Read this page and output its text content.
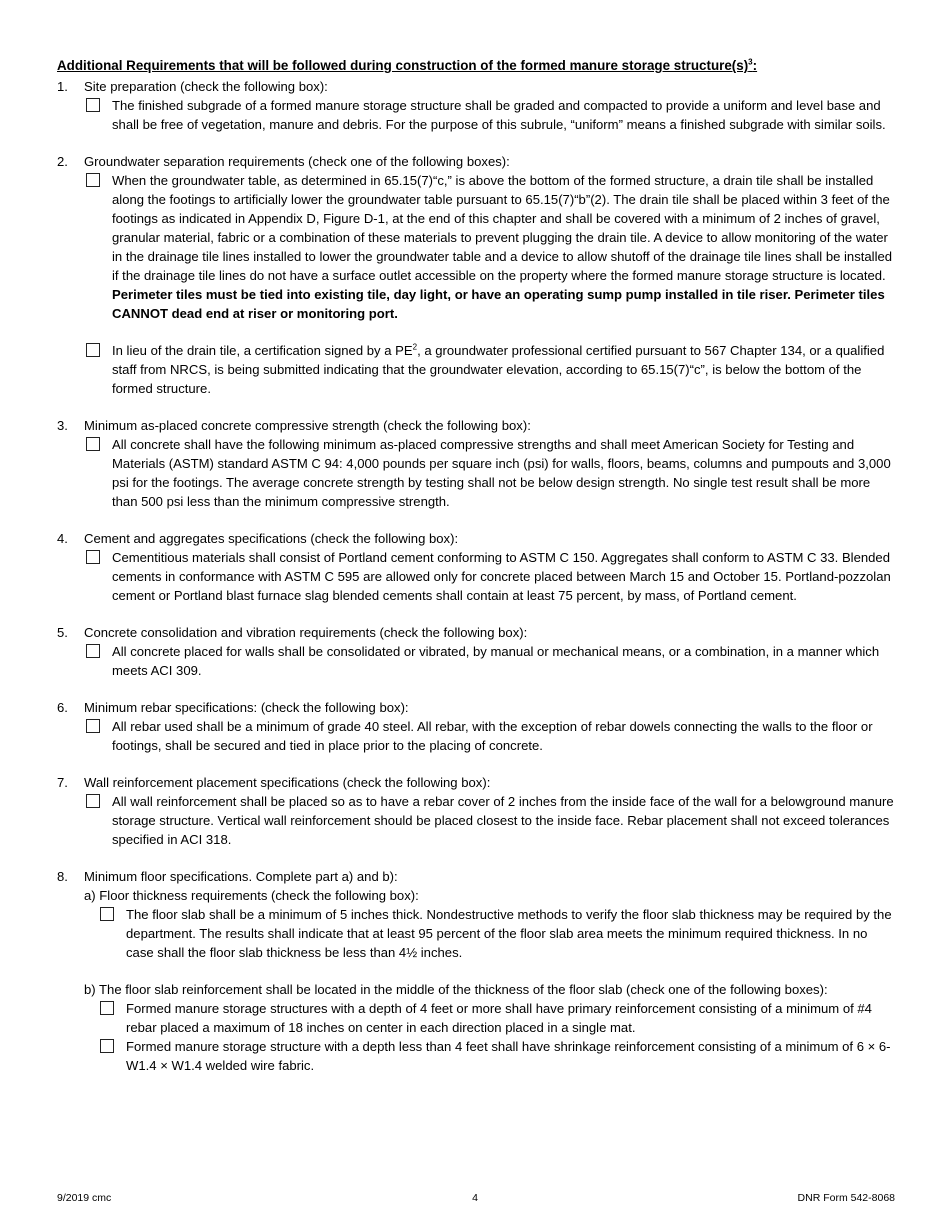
Additional Requirements that will be followed during construction of the formed manure storage $structure(s)^3$:
1. Site preparation (check the following box):
The finished subgrade of a formed manure storage structure shall be graded and compacted to provide a uniform and level base and shall be free of vegetation, manure and debris. For the purpose of this subrule, “uniform” means a finished subgrade with similar soils.
2. Groundwater separation requirements (check one of the following boxes):
When the groundwater table, as determined in 65.15(7)“c,” is above the bottom of the formed structure, a drain tile shall be installed along the footings to artificially lower the groundwater table pursuant to 65.15(7)“b”(2). The drain tile shall be placed within 3 feet of the footings as indicated in Appendix D, Figure D-1, at the end of this chapter and shall be covered with a minimum of 2 inches of gravel, granular material, fabric or a combination of these materials to prevent plugging the drain tile. A device to allow monitoring of the water in the drainage tile lines installed to lower the groundwater table and a device to allow shutoff of the drainage tile lines shall be installed if the drainage tile lines do not have a surface outlet accessible on the property where the formed manure storage structure is located. Perimeter tiles must be tied into existing tile, day light, or have an operating sump pump installed in tile riser. Perimeter tiles CANNOT dead end at riser or monitoring port.
In lieu of the drain tile, a certification signed by a $PE^2$, a groundwater professional certified pursuant to 567 Chapter 134, or a qualified staff from NRCS, is being submitted indicating that the groundwater elevation, according to 65.15(7)“c”, is below the bottom of the formed structure.
3. Minimum as-placed concrete compressive strength (check the following box):
All concrete shall have the following minimum as-placed compressive strengths and shall meet American Society for Testing and Materials (ASTM) standard ASTM C 94: 4,000 pounds per square inch (psi) for walls, floors, beams, columns and pumpouts and 3,000 psi for the footings. The average concrete strength by testing shall not be below design strength. No single test result shall be more than 500 psi less than the minimum compressive strength.
4. Cement and aggregates specifications (check the following box):
Cementitious materials shall consist of Portland cement conforming to ASTM C 150. Aggregates shall conform to ASTM C 33. Blended cements in conformance with ASTM C 595 are allowed only for concrete placed between March 15 and October 15. Portland-pozzolan cement or Portland blast furnace slag blended cements shall contain at least 75 percent, by mass, of Portland cement.
5. Concrete consolidation and vibration requirements (check the following box):
All concrete placed for walls shall be consolidated or vibrated, by manual or mechanical means, or a combination, in a manner which meets ACI 309.
6. Minimum rebar specifications: (check the following box):
All rebar used shall be a minimum of grade 40 steel. All rebar, with the exception of rebar dowels connecting the walls to the floor or footings, shall be secured and tied in place prior to the placing of concrete.
7. Wall reinforcement placement specifications (check the following box):
All wall reinforcement shall be placed so as to have a rebar cover of 2 inches from the inside face of the wall for a belowground manure storage structure. Vertical wall reinforcement should be placed closest to the inside face. Rebar placement shall not exceed tolerances specified in ACI 318.
8. Minimum floor specifications. Complete part a) and b):
a) Floor thickness requirements (check the following box):
The floor slab shall be a minimum of 5 inches thick. Nondestructive methods to verify the floor slab thickness may be required by the department. The results shall indicate that at least 95 percent of the floor slab area meets the minimum required thickness. In no case shall the floor slab thickness be less than 4½ inches.
b) The floor slab reinforcement shall be located in the middle of the thickness of the floor slab (check one of the following boxes):
Formed manure storage structures with a depth of 4 feet or more shall have primary reinforcement consisting of a minimum of #4 rebar placed a maximum of 18 inches on center in each direction placed in a single mat.
Formed manure storage structure with a depth less than 4 feet shall have shrinkage reinforcement consisting of a minimum of 6 × 6-W1.4 × W1.4 welded wire fabric.
9/2019 cmc	4	DNR Form 542-8068
